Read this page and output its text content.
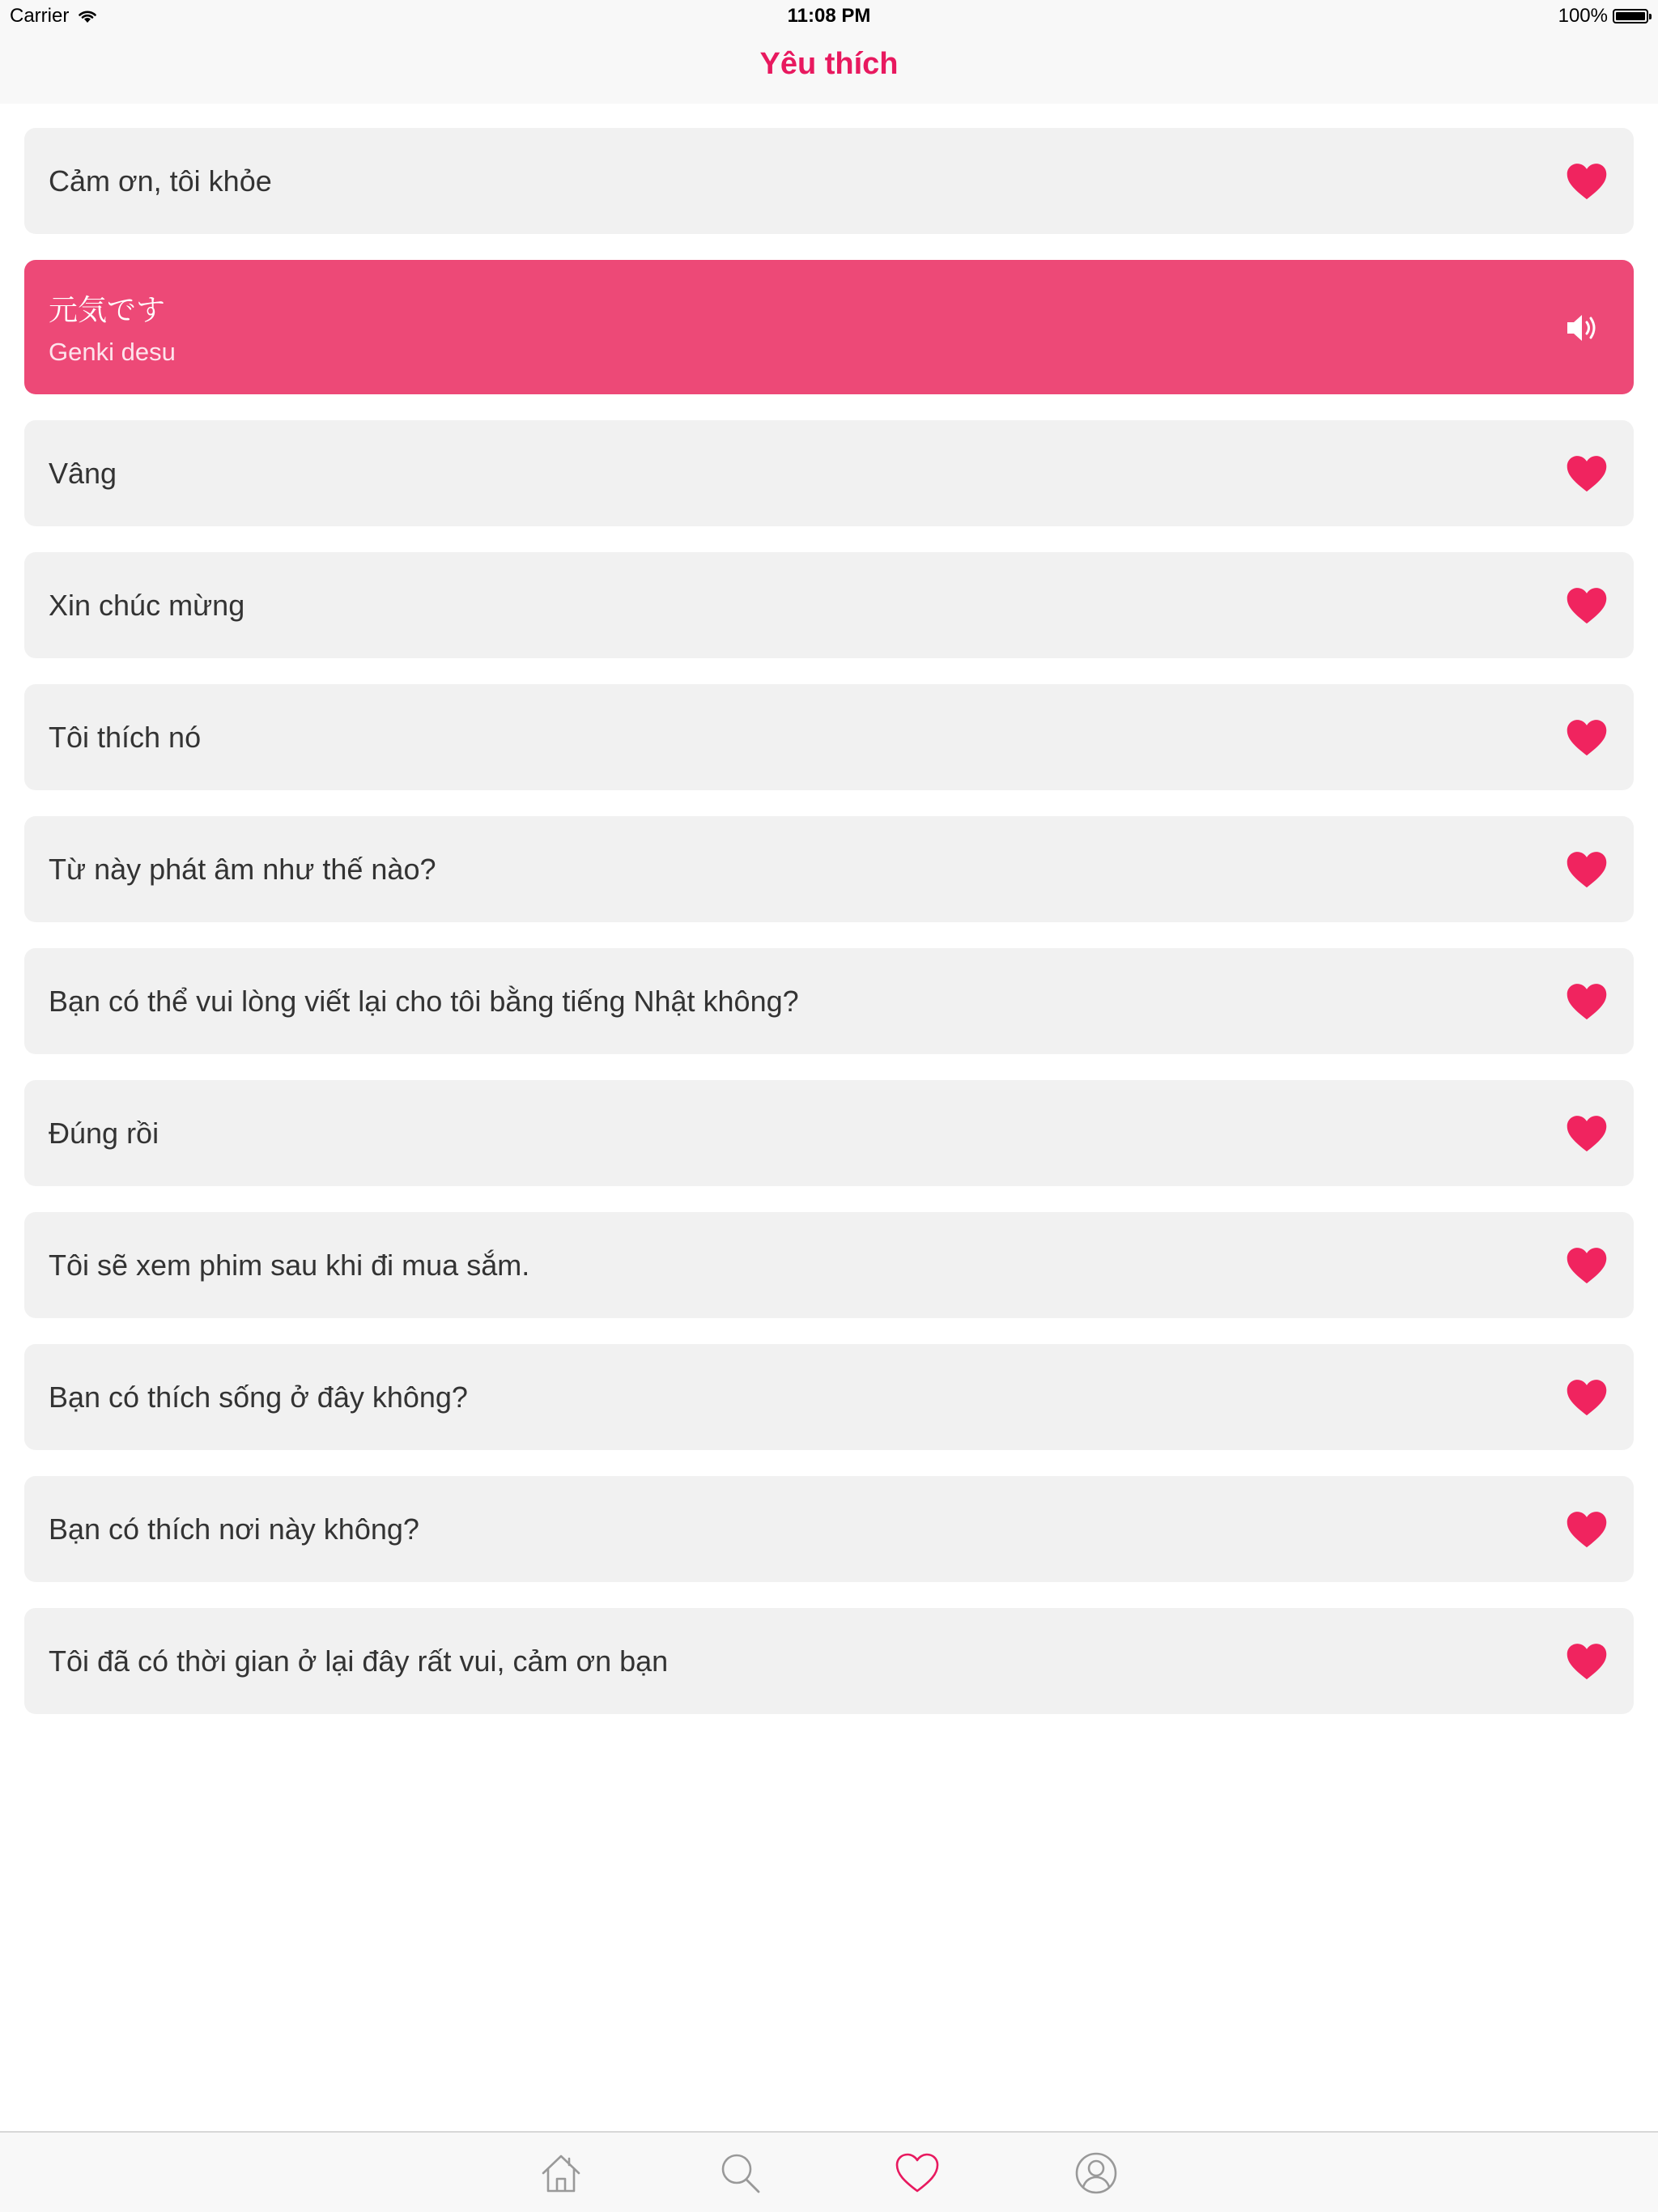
Carrier	11:08 PM	100%
Yêu thích
Cảm ơn, tôi khỏe
元気です
Genki desu
Vâng
Xin chúc mừng
Tôi thích nó
Từ này phát âm như thế nào?
Bạn có thể vui lòng viết lại cho tôi bằng tiếng Nhật không?
Đúng rồi
Tôi sẽ xem phim sau khi đi mua sắm.
Bạn có thích sống ở đây không?
Bạn có thích nơi này không?
Tôi đã có thời gian ở lại đây rất vui, cảm ơn bạn
